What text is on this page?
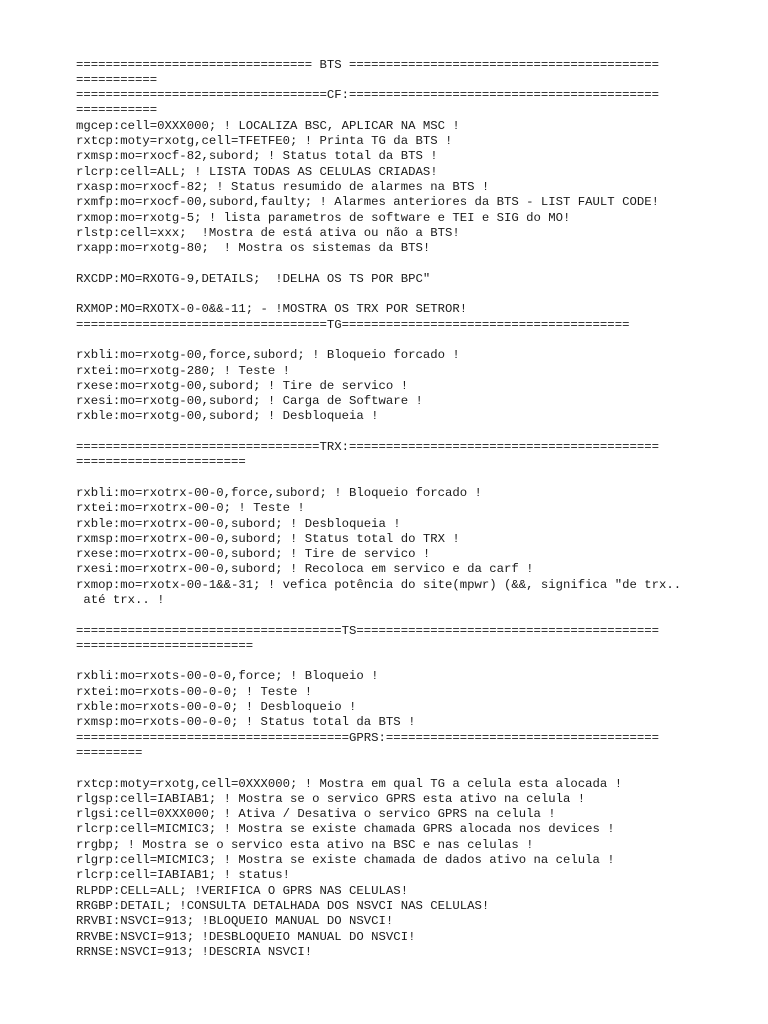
================================ BTS ==========================================
===========
==================================CF:==========================================
===========
mgcep:cell=0XXX000; ! LOCALIZA BSC, APLICAR NA MSC !
rxtcp:moty=rxotg,cell=TFETFE0; ! Printa TG da BTS !
rxmsp:mo=rxocf-82,subord; ! Status total da BTS !
rlcrp:cell=ALL; ! LISTA TODAS AS CELULAS CRIADAS!
rxasp:mo=rxocf-82; ! Status resumido de alarmes na BTS !
rxmfp:mo=rxocf-00,subord,faulty; ! Alarmes anteriores da BTS - LIST FAULT CODE!
rxmop:mo=rxotg-5; ! lista parametros de software e TEI e SIG do MO!
rlstp:cell=xxx;  !Mostra de está ativa ou não a BTS!
rxapp:mo=rxotg-80;  ! Mostra os sistemas da BTS!
RXCDP:MO=RXOTG-9,DETAILS;  !DELHA OS TS POR BPC"
RXMOP:MO=RXOTX-0-0&&-11; - !MOSTRA OS TRX POR SETROR!
==================================TG=======================================
rxbli:mo=rxotg-00,force,subord; ! Bloqueio forcado !
rxtei:mo=rxotg-280; ! Teste !
rxese:mo=rxotg-00,subord; ! Tire de servico !
rxesi:mo=rxotg-00,subord; ! Carga de Software !
rxble:mo=rxotg-00,subord; ! Desbloqueia !
=================================TRX:==========================================
=======================
rxbli:mo=rxotrx-00-0,force,subord; ! Bloqueio forcado !
rxtei:mo=rxotrx-00-0; ! Teste !
rxble:mo=rxotrx-00-0,subord; ! Desbloqueia !
rxmsp:mo=rxotrx-00-0,subord; ! Status total do TRX !
rxese:mo=rxotrx-00-0,subord; ! Tire de servico !
rxesi:mo=rxotrx-00-0,subord; ! Recoloca em servico e da carf !
rxmop:mo=rxotx-00-1&&-31; ! vefica potência do site(mpwr) (&&, significa "de trx..
até trx.. !
====================================TS=========================================
========================
rxbli:mo=rxots-00-0-0,force; ! Bloqueio !
rxtei:mo=rxots-00-0-0; ! Teste !
rxble:mo=rxots-00-0-0; ! Desbloqueio !
rxmsp:mo=rxots-00-0-0; ! Status total da BTS !
=====================================GPRS:=====================================
=========
rxtcp:moty=rxotg,cell=0XXX000; ! Mostra em qual TG a celula esta alocada !
rlgsp:cell=IABIAB1; ! Mostra se o servico GPRS esta ativo na celula !
rlgsi:cell=0XXX000; ! Ativa / Desativa o servico GPRS na celula !
rlcrp:cell=MICMIC3; ! Mostra se existe chamada GPRS alocada nos devices !
rrgbp; ! Mostra se o servico esta ativo na BSC e nas celulas !
rlgrp:cell=MICMIC3; ! Mostra se existe chamada de dados ativo na celula !
rlcrp:cell=IABIAB1; ! status!
RLPDP:CELL=ALL; !VERIFICA O GPRS NAS CELULAS!
RRGBP:DETAIL; !CONSULTA DETALHADA DOS NSVCI NAS CELULAS!
RRVBI:NSVCI=913; !BLOQUEIO MANUAL DO NSVCI!
RRVBE:NSVCI=913; !DESBLOQUEIO MANUAL DO NSVCI!
RRNSE:NSVCI=913; !DESCRIA NSVCI!
